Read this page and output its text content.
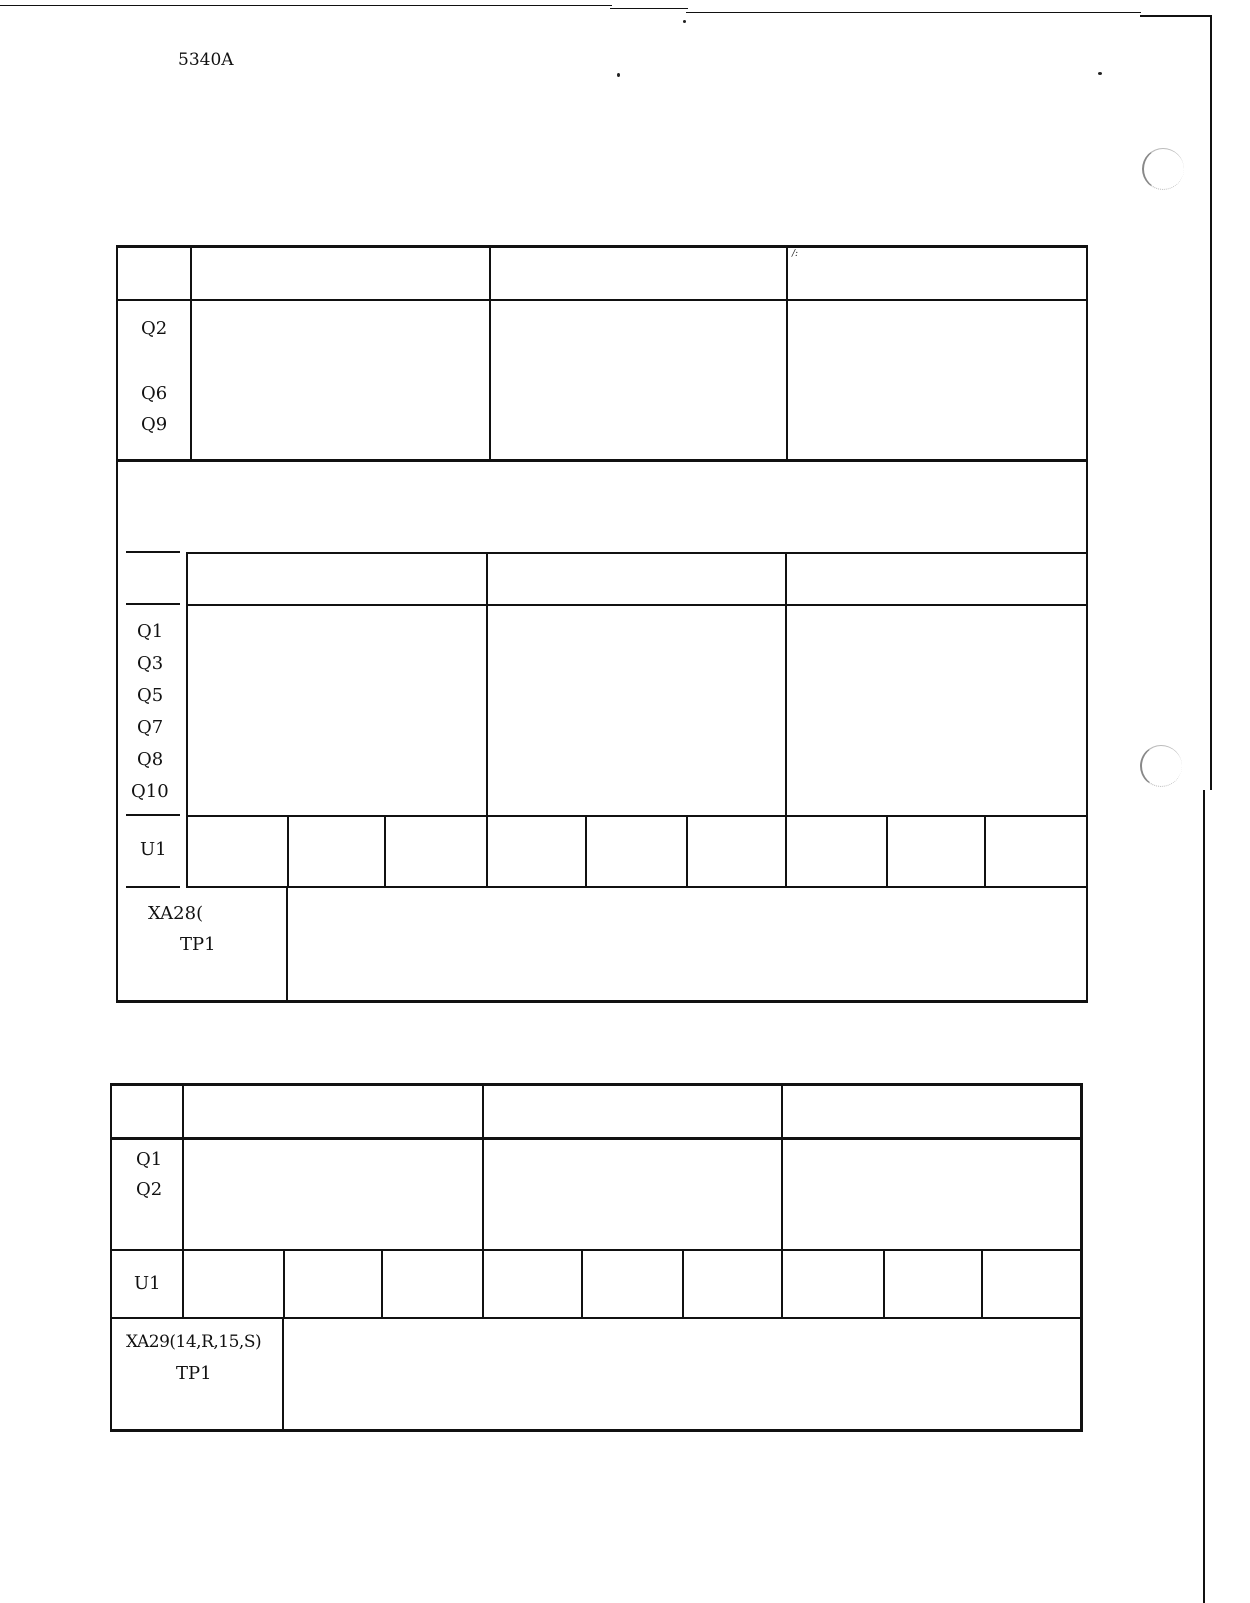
5340A
/:
Q2
Q6
Q9
Q1
Q3
Q5
Q7
Q8
Q10
U1
XA28(
TP1
Q1
Q2
U1
XA29(14,R,15,S)
TP1
